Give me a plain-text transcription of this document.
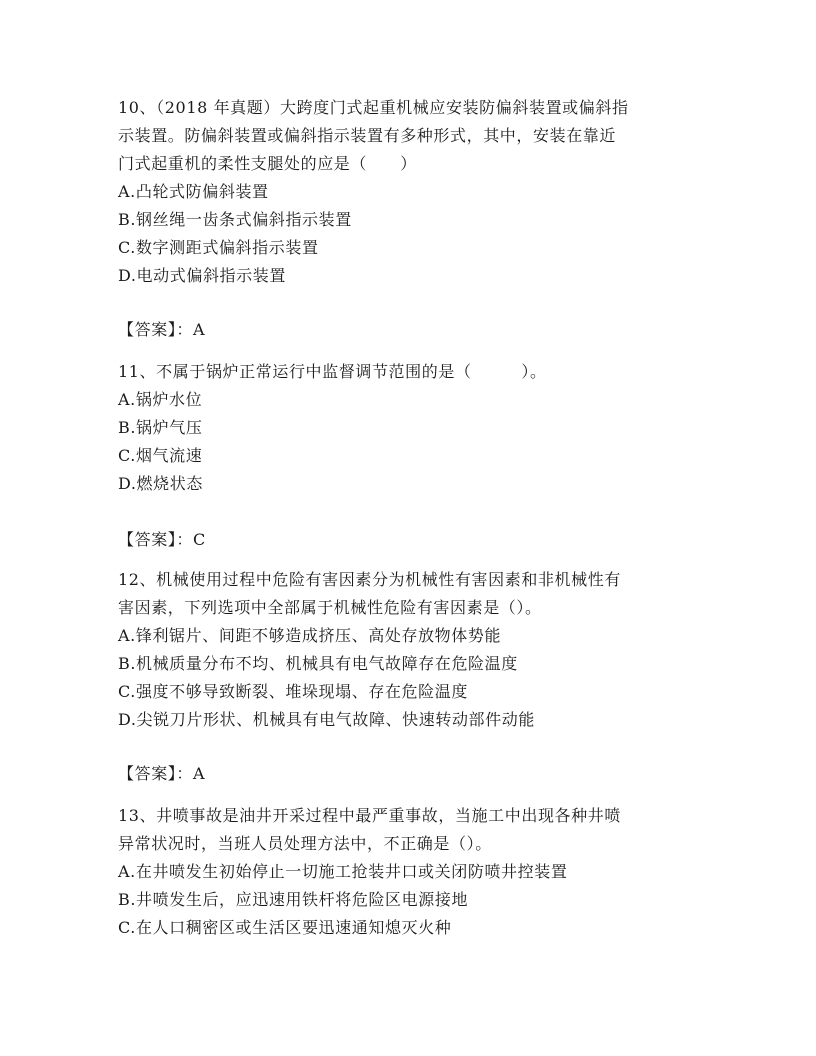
10、（2018 年真题）大跨度门式起重机械应安装防偏斜装置或偏斜指
示装置。防偏斜装置或偏斜指示装置有多种形式，其中，安装在靠近
门式起重机的柔性支腿处的应是（　　）
A.凸轮式防偏斜装置
B.钢丝绳一齿条式偏斜指示装置
C.数字测距式偏斜指示装置
D.电动式偏斜指示装置
【答案】：A
11、不属于锅炉正常运行中监督调节范围的是（　　　）。
A.锅炉水位
B.锅炉气压
C.烟气流速
D.燃烧状态
【答案】：C
12、机械使用过程中危险有害因素分为机械性有害因素和非机械性有
害因素，下列选项中全部属于机械性危险有害因素是（）。
A.锋利锯片、间距不够造成挤压、高处存放物体势能
B.机械质量分布不均、机械具有电气故障存在危险温度
C.强度不够导致断裂、堆垛现塌、存在危险温度
D.尖锐刀片形状、机械具有电气故障、快速转动部件动能
【答案】：A
13、井喷事故是油井开采过程中最严重事故，当施工中出现各种井喷
异常状况时，当班人员处理方法中，不正确是（）。
A.在井喷发生初始停止一切施工抢装井口或关闭防喷井控装置
B.井喷发生后，应迅速用铁杆将危险区电源接地
C.在人口稠密区或生活区要迅速通知熄灭火种
